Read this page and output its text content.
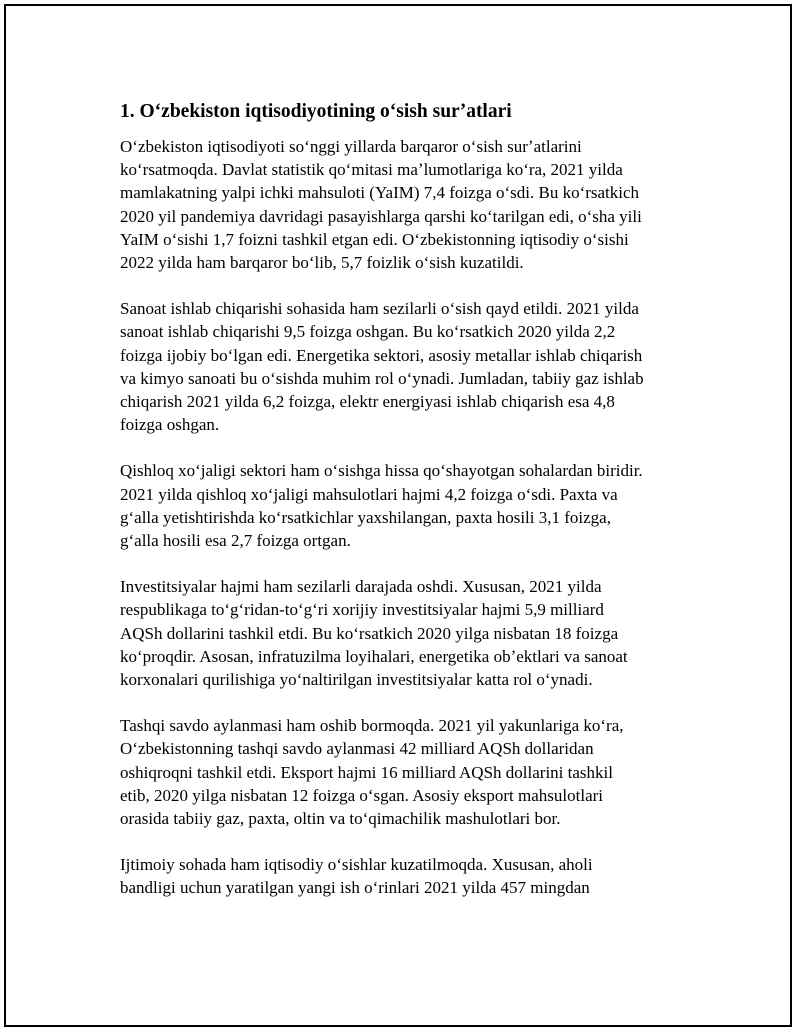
1. Oʻzbekiston iqtisodiyotining oʻsish surʼatlari

Oʻzbekiston iqtisodiyoti soʻnggi yillarda barqaror oʻsish surʼatlarini
koʻrsatmoqda. Davlat statistik qoʻmitasi maʼlumotlariga koʻra, 2021 yilda
mamlakatning yalpi ichki mahsuloti (YaIM) 7,4 foizga oʻsdi. Bu koʻrsatkich
2020 yil pandemiya davridagi pasayishlarga qarshi koʻtarilgan edi, oʻsha yili
YaIM oʻsishi 1,7 foizni tashkil etgan edi. Oʻzbekistonning iqtisodiy oʻsishi
2022 yilda ham barqaror boʻlib, 5,7 foizlik oʻsish kuzatildi.

Sanoat ishlab chiqarishi sohasida ham sezilarli oʻsish qayd etildi. 2021 yilda
sanoat ishlab chiqarishi 9,5 foizga oshgan. Bu koʻrsatkich 2020 yilda 2,2
foizga ijobiy boʻlgan edi. Energetika sektori, asosiy metallar ishlab chiqarish
va kimyo sanoati bu oʻsishda muhim rol oʻynadi. Jumladan, tabiiy gaz ishlab
chiqarish 2021 yilda 6,2 foizga, elektr energiyasi ishlab chiqarish esa 4,8
foizga oshgan.

Qishloq xoʻjaligi sektori ham oʻsishga hissa qoʻshayotgan sohalardan biridir.
2021 yilda qishloq xoʻjaligi mahsulotlari hajmi 4,2 foizga oʻsdi. Paxta va
gʻalla yetishtirishda koʻrsatkichlar yaxshilangan, paxta hosili 3,1 foizga,
gʻalla hosili esa 2,7 foizga ortgan.

Investitsiyalar hajmi ham sezilarli darajada oshdi. Xususan, 2021 yilda
respublikaga toʻgʻridan-toʻgʻri xorijiy investitsiyalar hajmi 5,9 milliard
AQSh dollarini tashkil etdi. Bu koʻrsatkich 2020 yilga nisbatan 18 foizga
koʻproqdir. Asosan, infratuzilma loyihalari, energetika obʼektlari va sanoat
korxonalari qurilishiga yoʻnaltirilgan investitsiyalar katta rol oʻynadi.

Tashqi savdo aylanmasi ham oshib bormoqda. 2021 yil yakunlariga koʻra,
Oʻzbekistonning tashqi savdo aylanmasi 42 milliard AQSh dollaridan
oshiqroqni tashkil etdi. Eksport hajmi 16 milliard AQSh dollarini tashkil
etib, 2020 yilga nisbatan 12 foizga oʻsgan. Asosiy eksport mahsulotlari
orasida tabiiy gaz, paxta, oltin va toʻqimachilik mashulotlari bor.

Ijtimoiy sohada ham iqtisodiy oʻsishlar kuzatilmoqda. Xususan, aholi
bandligi uchun yaratilgan yangi ish oʻrinlari 2021 yilda 457 mingdan
